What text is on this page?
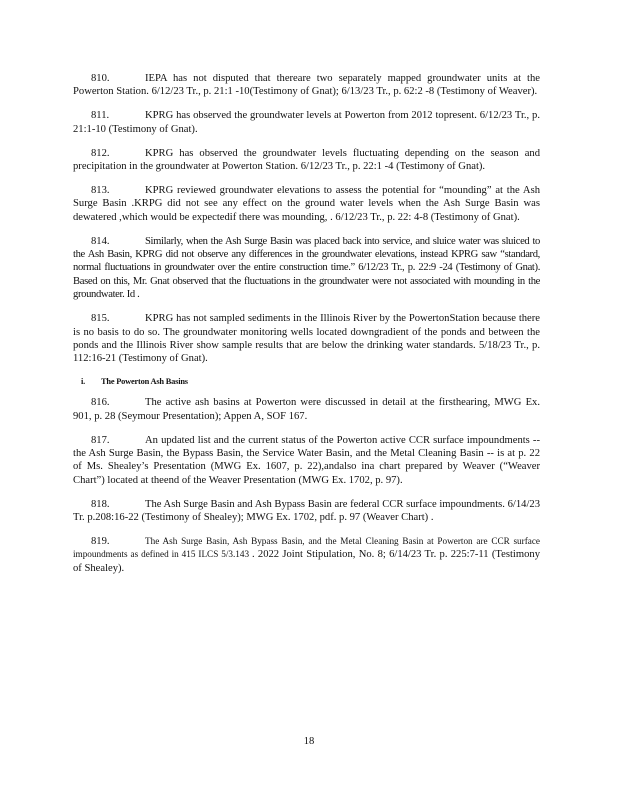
810.	IEPA has not disputed that thereare two separately mapped groundwater units at the Powerton Station. 6/12/23 Tr., p. 21:1 -10(Testimony of Gnat); 6/13/23 Tr., p. 62:2 -8 (Testimony of Weaver).

811.	KPRG has observed the groundwater levels at Powerton from 2012 topresent. 6/12/23 Tr., p. 21:1-10 (Testimony of Gnat).

812.	KPRG has observed the groundwater levels fluctuating depending on the season and precipitation in the groundwater at Powerton Station. 6/12/23 Tr., p. 22:1 -4 (Testimony of Gnat).

813.	KPRG reviewed groundwater elevations to assess the potential for “mounding” at the Ash Surge Basin .KRPG did not see any effect on the ground water levels when the Ash Surge Basin was dewatered ,which would be expectedif there was mounding, . 6/12/23 Tr., p. 22: 4-8 (Testimony of Gnat).

814.	Similarly, when the Ash Surge Basin was placed back into service, and sluice water was sluiced to the Ash Basin, KPRG did not observe any differences in the groundwater elevations, instead KPRG saw “standard, normal fluctuations in groundwater over the entire construction time.” 6/12/23 Tr., p. 22:9 -24 (Testimony of Gnat). Based on this, Mr. Gnat observed that the fluctuations in the groundwater were not associated with mounding in the groundwater. Id .

815.	KPRG has not sampled sediments in the Illinois River by the PowertonStation because there is no basis to do so. The groundwater monitoring wells located downgradient of the ponds and between the ponds and the Illinois River show sample results that are below the drinking water standards. 5/18/23 Tr., p. 112:16-21 (Testimony of Gnat).

i. The Powerton Ash Basins

816.	The active ash basins at Powerton were discussed in detail at the firsthearing, MWG Ex. 901, p. 28 (Seymour Presentation); Appen A, SOF 167.

817.	An updated list and the current status of the Powerton active CCR surface impoundments -- the Ash Surge Basin, the Bypass Basin, the Service Water Basin, and the Metal Cleaning Basin -- is at p. 22 of Ms. Shealey’s Presentation (MWG Ex. 1607, p. 22),andalso ina chart prepared by Weaver (“Weaver Chart”) located at theend of the Weaver Presentation (MWG Ex. 1702, p. 97).

818.	The Ash Surge Basin and Ash Bypass Basin are federal CCR surface impoundments. 6/14/23 Tr. p.208:16-22 (Testimony of Shealey); MWG Ex. 1702, pdf. p. 97 (Weaver Chart) .

819.	The Ash Surge Basin, Ash Bypass Basin, and the Metal Cleaning Basin at Powerton are CCR surface impoundments as defined in 415 ILCS 5/3.143 . 2022 Joint Stipulation, No. 8; 6/14/23 Tr. p. 225:7-11 (Testimony of Shealey).

18
